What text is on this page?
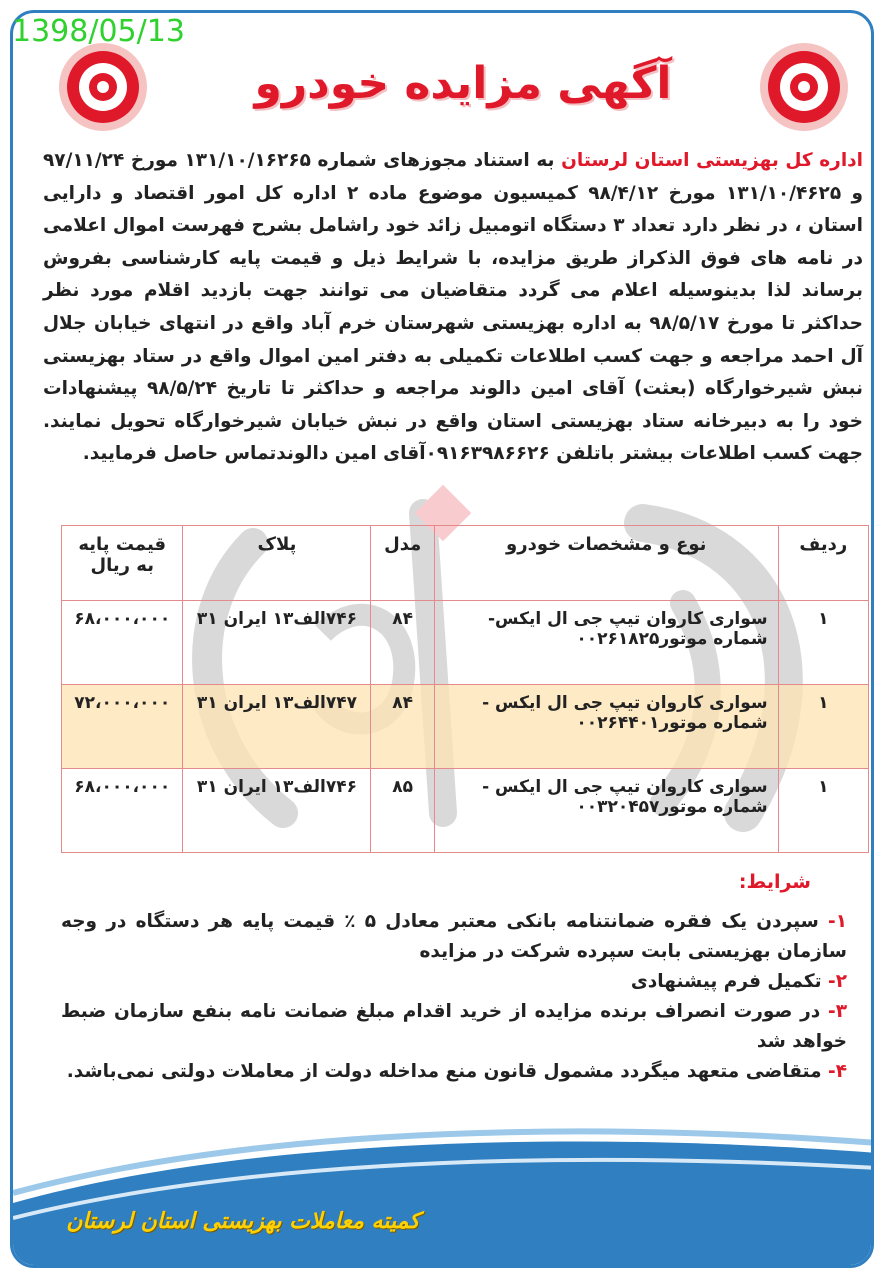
1398/05/13
آگهی مزایده خودرو
اداره کل بهزیستی استان لرستان به استناد مجوزهای شماره ۱۳۱/۱۰/۱۶۲۶۵ مورخ ۹۷/۱۱/۲۴ و ۱۳۱/۱۰/۴۶۲۵ مورخ ۹۸/۴/۱۲ کمیسیون موضوع ماده ۲ اداره کل امور اقتصاد و دارایی استان ، در نظر دارد تعداد ۳ دستگاه اتومبیل زائد خود راشامل بشرح فهرست اموال اعلامی در نامه های فوق الذکراز طریق مزایده، با شرایط ذیل و قیمت پایه کارشناسی بفروش برساند لذا بدینوسیله اعلام می گردد متقاضیان می توانند جهت بازدید اقلام مورد نظر حداکثر تا مورخ ۹۸/۵/۱۷ به اداره بهزیستی شهرستان خرم آباد واقع در انتهای خیابان جلال آل احمد مراجعه و جهت کسب اطلاعات تکمیلی به دفتر امین اموال واقع در ستاد بهزیستی نبش شیرخوارگاه (بعثت) آقای امین دالوند مراجعه و حداکثر تا تاریخ ۹۸/۵/۲۴ پیشنهادات خود را به دبیرخانه ستاد بهزیستی استان واقع در نبش خیابان شیرخوارگاه تحویل نمایند. جهت کسب اطلاعات بیشتر باتلفن ۰۹۱۶۳۹۸۶۶۲۶آقای امین دالوندتماس حاصل فرمایید.
ردیف	نوع و مشخصات خودرو	مدل	پلاک	قیمت پایه به ریال
۱	سواری کاروان تیپ جی ال ایکس- شماره موتور۰۰۲۶۱۸۲۵	۸۴	۷۴۶الف۱۳ ایران ۳۱	۶۸،۰۰۰،۰۰۰
۱	سواری کاروان تیپ جی ال ایکس - شماره موتور۰۰۲۶۴۴۰۱	۸۴	۷۴۷الف۱۳ ایران ۳۱	۷۲،۰۰۰،۰۰۰
۱	سواری کاروان تیپ جی ال ایکس - شماره موتور۰۰۳۲۰۴۵۷	۸۵	۷۴۶الف۱۳ ایران ۳۱	۶۸،۰۰۰،۰۰۰
شرایط:

۱- سپردن یک فقره ضمانتنامه بانکی معتبر معادل ۵ ٪ قیمت پایه هر دستگاه در وجه سازمان بهزیستی بابت سپرده شرکت در مزایده

۲- تکمیل فرم پیشنهادی

۳- در صورت انصراف برنده مزایده از خرید اقدام مبلغ ضمانت نامه بنفع سازمان ضبط خواهد شد

۴- متقاضی متعهد میگردد مشمول قانون منع مداخله دولت از معاملات دولتی نمی‌باشد.

کمیته معاملات بهزیستی استان لرستان
